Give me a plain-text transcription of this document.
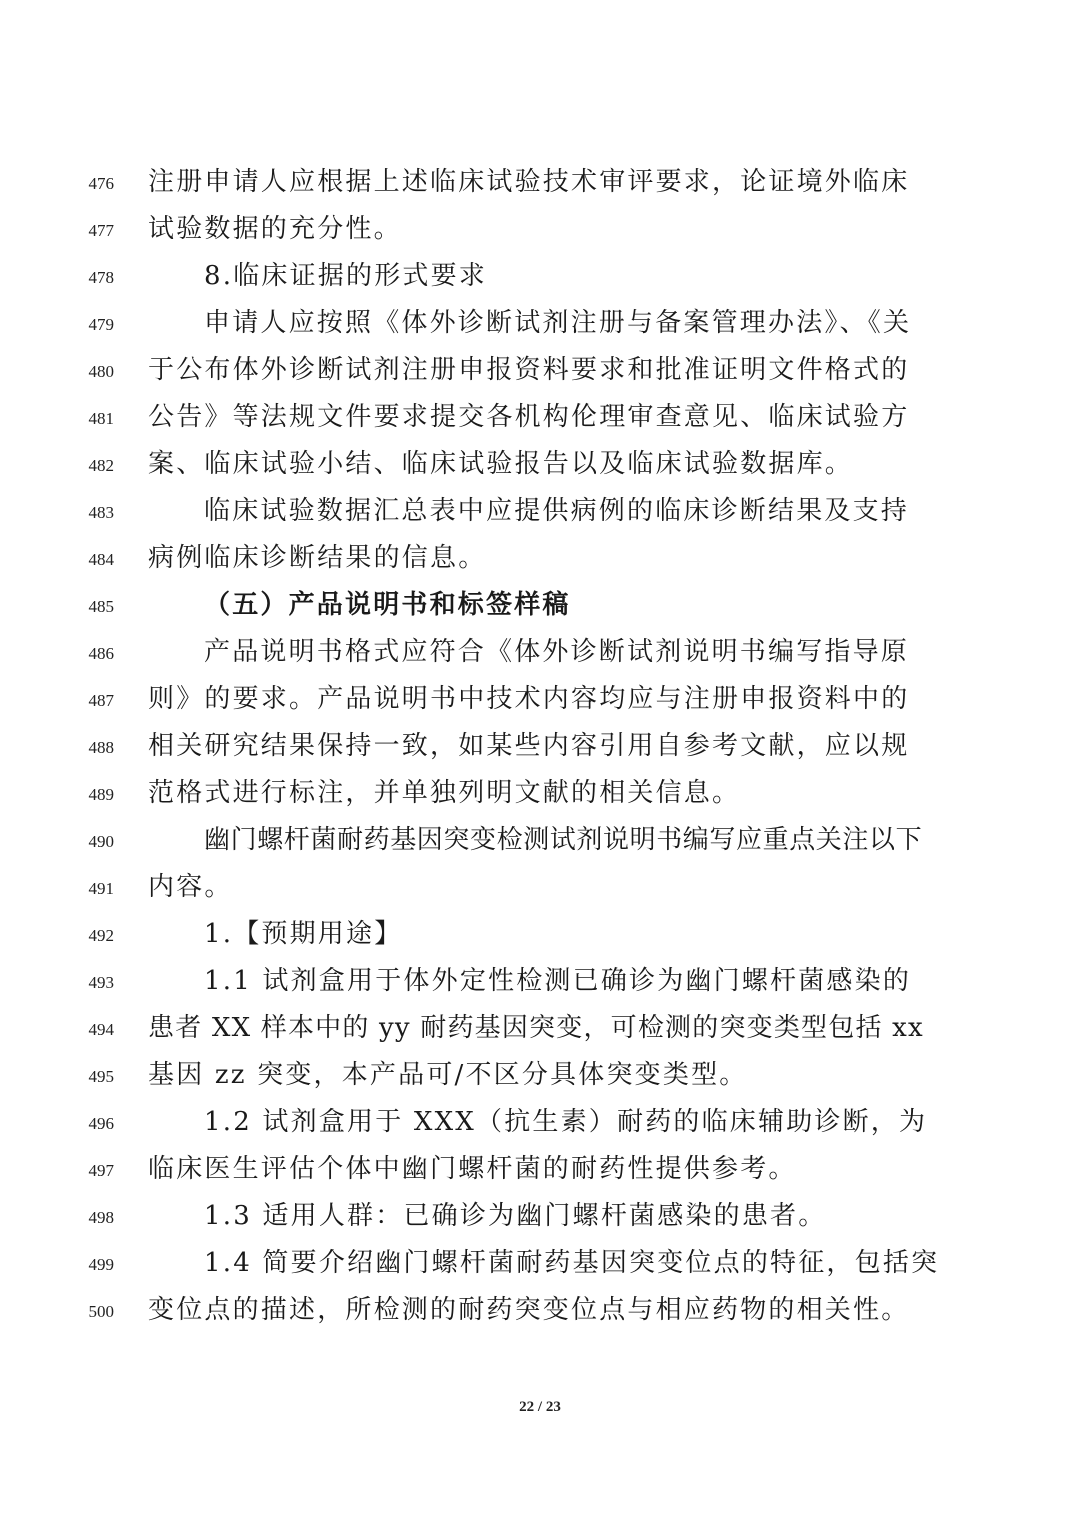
476 注册申请人应根据上述临床试验技术审评要求，论证境外临床
477 试验数据的充分性。
478	8.临床证据的形式要求
479	申请人应按照《体外诊断试剂注册与备案管理办法》、《关
480 于公布体外诊断试剂注册申报资料要求和批准证明文件格式的
481 公告》等法规文件要求提交各机构伦理审查意见、临床试验方
482 案、临床试验小结、临床试验报告以及临床试验数据库。
483	临床试验数据汇总表中应提供病例的临床诊断结果及支持
484 病例临床诊断结果的信息。
485	（五）产品说明书和标签样稿
486	产品说明书格式应符合《体外诊断试剂说明书编写指导原
487 则》的要求。产品说明书中技术内容均应与注册申报资料中的
488 相关研究结果保持一致，如某些内容引用自参考文献，应以规
489 范格式进行标注，并单独列明文献的相关信息。
490	幽门螺杆菌耐药基因突变检测试剂说明书编写应重点关注以下
491 内容。
492	1.【预期用途】
493	1.1 试剂盒用于体外定性检测已确诊为幽门螺杆菌感染的
494 患者 XX 样本中的 yy 耐药基因突变，可检测的突变类型包括 xx
495 基因 zz 突变，本产品可/不区分具体突变类型。
496	1.2 试剂盒用于 XXX（抗生素）耐药的临床辅助诊断，为
497 临床医生评估个体中幽门螺杆菌的耐药性提供参考。
498	1.3 适用人群：已确诊为幽门螺杆菌感染的患者。
499	1.4 简要介绍幽门螺杆菌耐药基因突变位点的特征，包括突
500 变位点的描述，所检测的耐药突变位点与相应药物的相关性。
22 / 23
